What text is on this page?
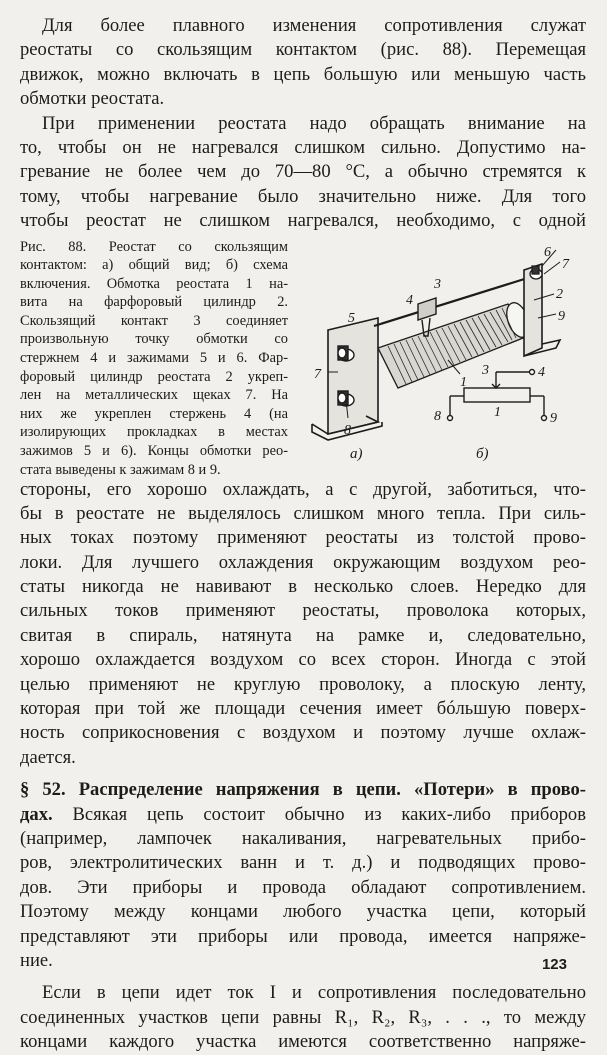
Для более плавного изменения сопротивления служат
реостаты со скользящим контактом (рис. 88). Перемещая
движок, можно включать в цепь большую или меньшую часть
обмотки реостата.
При применении реостата надо обращать внимание на
то, чтобы он не нагревался слишком сильно. Допустимо на-
гревание не более чем до 70—80 °С, а обычно стремятся к
тому, чтобы нагревание было значительно ниже. Для того
чтобы реостат не слишком нагревался, необходимо, с одной
Рис. 88. Реостат со скользящим
контактом: а) общий вид; б) схема
включения. Обмотка реостата 1 на-
вита на фарфоровый цилиндр 2.
Скользящий контакт 3 соединяет
произвольную точку обмотки со
стержнем 4 и зажимами 5 и 6. Фар-
форовый цилиндр реостата 2 укреп-
лен на металлических щеках 7. На
них же укреплен стержень 4 (на
изолирующих прокладках в местах
зажимов 5 и 6). Концы обмотки рео-
стата выведены к зажимам 8 и 9.
5
7
8
4
3
6
7
2
9
1
3	4
1
8	9
а)	б)
стороны, его хорошо охлаждать, а с другой, заботиться, что-
бы в реостате не выделялось слишком много тепла. При силь-
ных токах поэтому применяют реостаты из толстой прово-
локи. Для лучшего охлаждения окружающим воздухом рео-
статы никогда не навивают в несколько слоев. Нередко для
сильных токов применяют реостаты, проволока которых,
свитая в спираль, натянута на рамке и, следовательно,
хорошо охлаждается воздухом со всех сторон. Иногда с этой
целью применяют не круглую проволоку, а плоскую ленту,
которая при той же площади сечения имеет бóльшую поверх-
ность соприкосновения с воздухом и поэтому лучше охлаж-
дается.
§ 52. Распределение напряжения в цепи. «Потери» в прово-
дах. Всякая цепь состоит обычно из каких-либо приборов
(например, лампочек накаливания, нагревательных прибо-
ров, электролитических ванн и т. д.) и подводящих прово-
дов. Эти приборы и провода обладают сопротивлением.
Поэтому между концами любого участка цепи, который
представляют эти приборы или провода, имеется напряже-
ние.
Если в цепи идет ток I и сопротивления последовательно
соединенных участков цепи равны R₁, R₂, R₃, . . ., то между
концами каждого участка имеются соответственно напряже-
123
